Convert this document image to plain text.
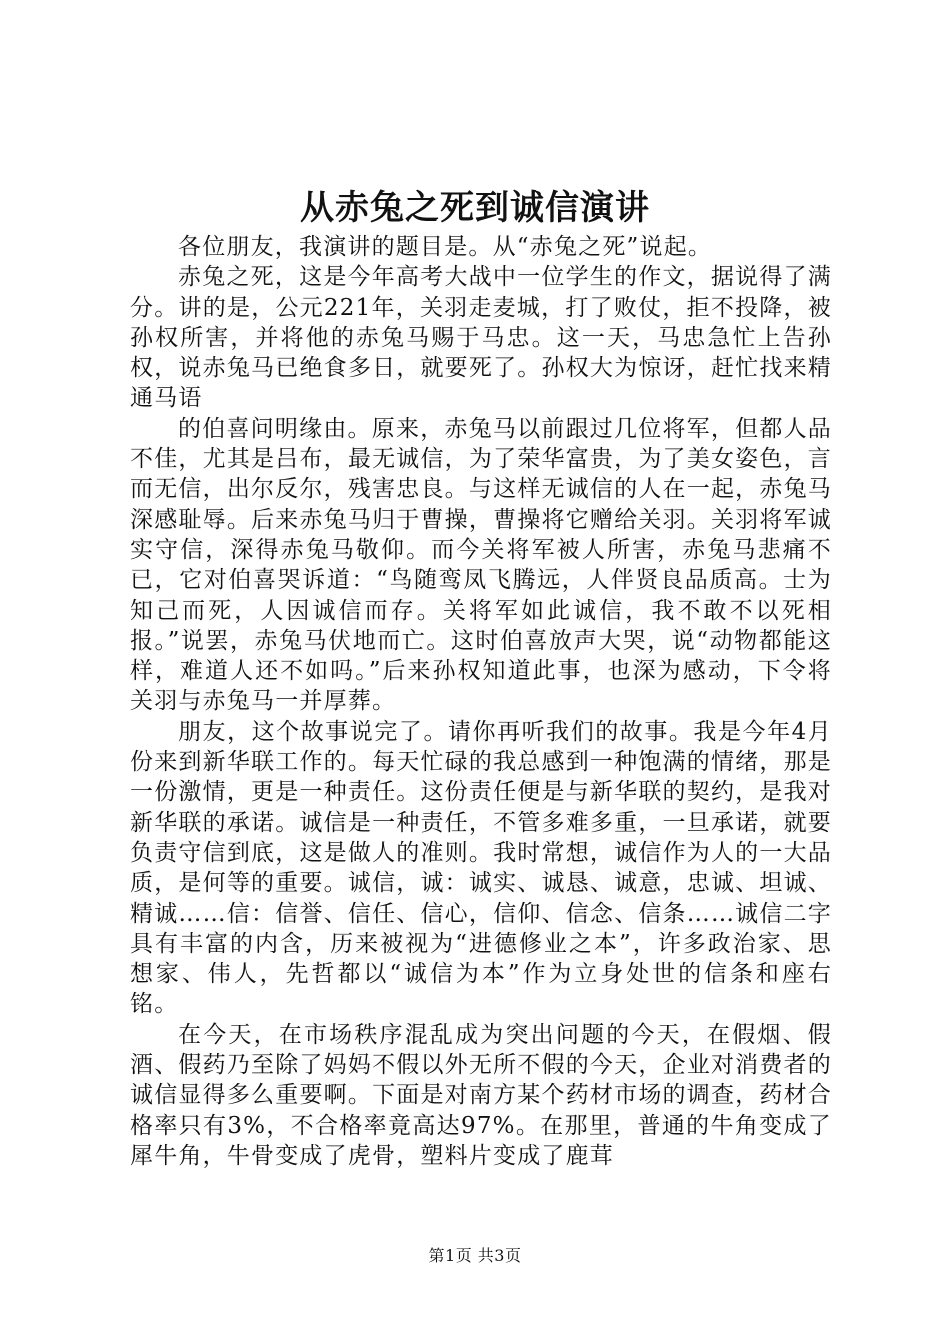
从赤兔之死到诚信演讲

各位朋友，我演讲的题目是。从“赤兔之死”说起。

赤兔之死，这是今年高考大战中一位学生的作文，据说得了满分。讲的是，公元221年，关羽走麦城，打了败仗，拒不投降，被孙权所害，并将他的赤兔马赐于马忠。这一天，马忠急忙上告孙权，说赤兔马已绝食多日，就要死了。孙权大为惊讶，赶忙找来精通马语

的伯喜问明缘由。原来，赤兔马以前跟过几位将军，但都人品不佳，尤其是吕布，最无诚信，为了荣华富贵，为了美女姿色，言而无信，出尔反尔，残害忠良。与这样无诚信的人在一起，赤兔马深感耻辱。后来赤兔马归于曹操，曹操将它赠给关羽。关羽将军诚实守信，深得赤兔马敬仰。而今关将军被人所害，赤兔马悲痛不已，它对伯喜哭诉道：“鸟随鸾凤飞腾远，人伴贤良品质高。士为知己而死，人因诚信而存。关将军如此诚信，我不敢不以死相报。”说罢，赤兔马伏地而亡。这时伯喜放声大哭，说“动物都能这样，难道人还不如吗。”后来孙权知道此事，也深为感动，下令将关羽与赤兔马一并厚葬。

朋友，这个故事说完了。请你再听我们的故事。我是今年4月份来到新华联工作的。每天忙碌的我总感到一种饱满的情绪，那是一份激情，更是一种责任。这份责任便是与新华联的契约，是我对新华联的承诺。诚信是一种责任，不管多难多重，一旦承诺，就要负责守信到底，这是做人的准则。我时常想，诚信作为人的一大品质，是何等的重要。诚信，诚：诚实、诚恳、诚意，忠诚、坦诚、精诚……信：信誉、信任、信心，信仰、信念、信条……诚信二字具有丰富的内含，历来被视为“进德修业之本”，许多政治家、思想家、伟人，先哲都以“诚信为本”作为立身处世的信条和座右铭。

在今天，在市场秩序混乱成为突出问题的今天，在假烟、假酒、假药乃至除了妈妈不假以外无所不假的今天，企业对消费者的诚信显得多么重要啊。下面是对南方某个药材市场的调查，药材合格率只有3%，不合格率竟高达97%。在那里，普通的牛角变成了犀牛角，牛骨变成了虎骨，塑料片变成了鹿茸

第1页 共3页
